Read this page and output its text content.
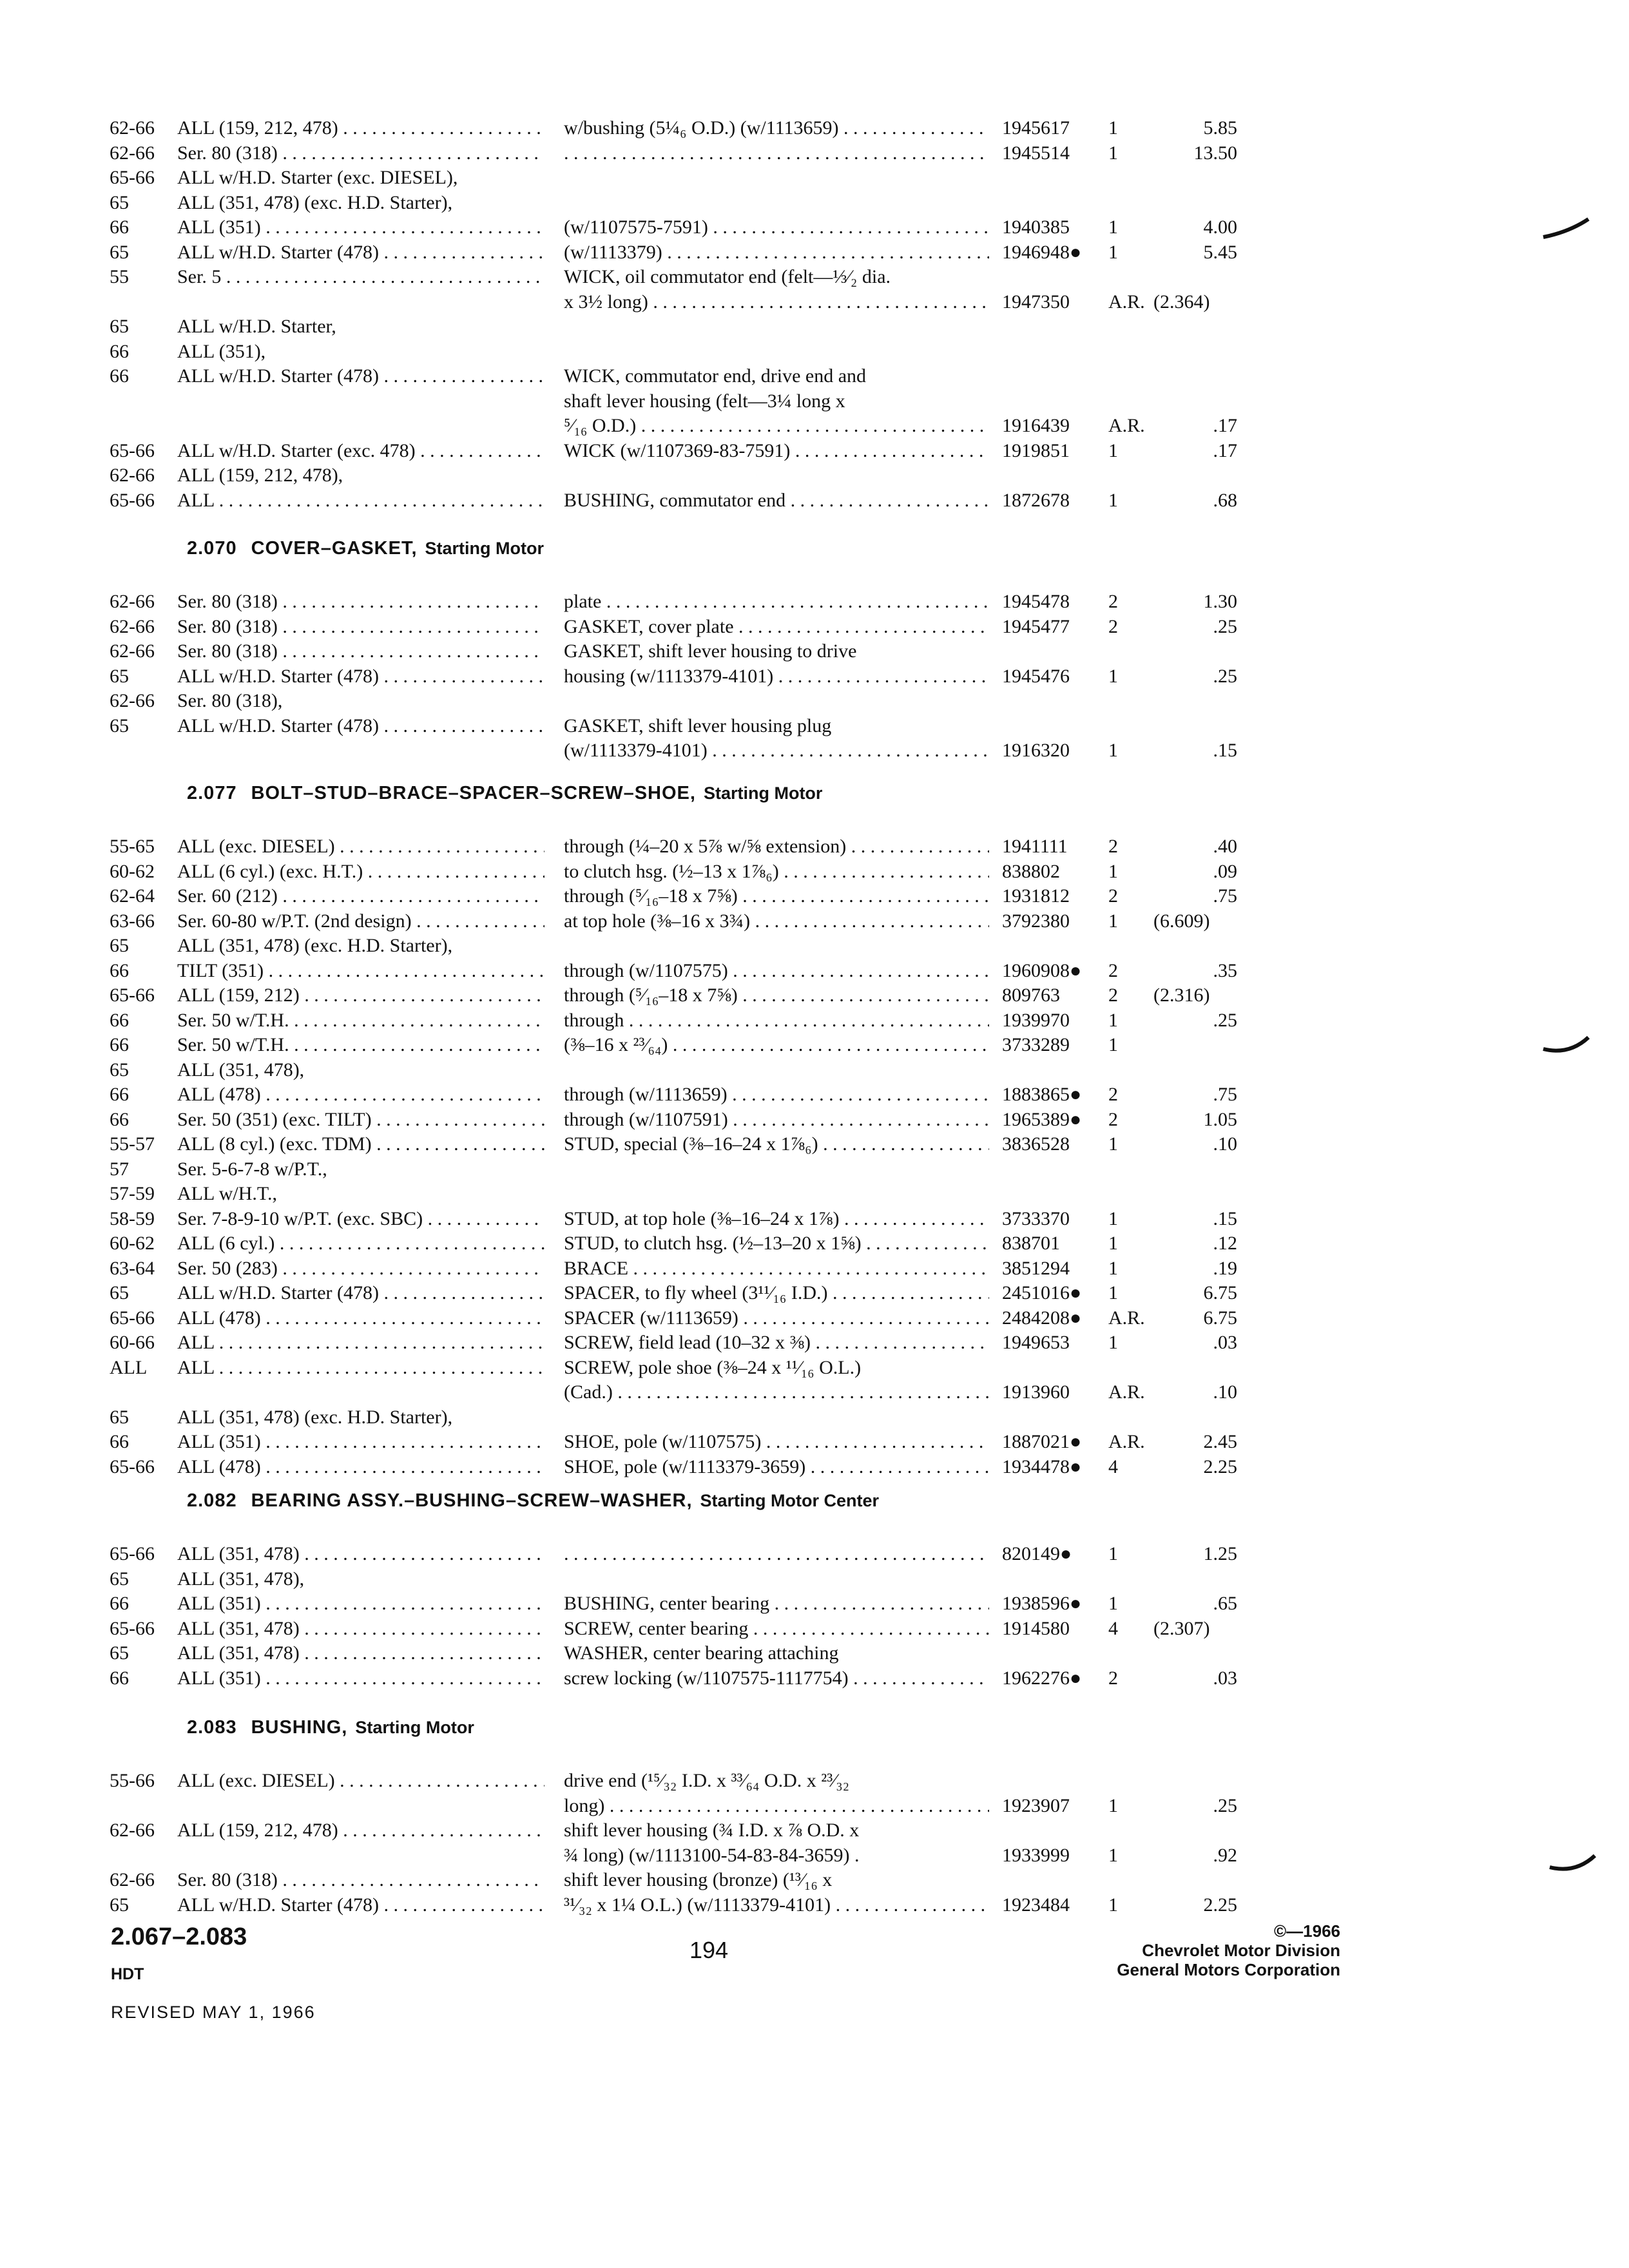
62-66	ALL (159, 212, 478) . . .	w/bushing (5¼₆ O.D.) (w/1113659) . . .	1945617	1	5.85
62-66	Ser. 80 (318) . . . . . .	1945514	1	13.50
65-66	ALL w/H.D. Starter (exc. DIESEL),
65	ALL (351, 478) (exc. H.D. Starter),
66	ALL (351) . . .	(w/1107575-7591) . . .	1940385	1	4.00
65	ALL w/H.D. Starter (478) . . .	(w/1113379) . . .	1946948●	1	5.45
55	Ser. 5 . . .	WICK, oil commutator end (felt—⅓⁄₂ dia.
x 3½ long) . . .	1947350	A.R. (2.364)
65	ALL w/H.D. Starter,
66	ALL (351),
66	ALL w/H.D. Starter (478) . . .	WICK, commutator end, drive end and
shaft lever housing (felt—3¼ long x
⁵⁄₁₆ O.D.) . . .	1916439	A.R.	.17
65-66	ALL w/H.D. Starter (exc. 478) . . .	WICK (w/1107369-83-7591) . . .	1919851	1	.17
62-66	ALL (159, 212, 478),
65-66	ALL . . .	BUSHING, commutator end . . .	1872678	1	.68
2.070 COVER–GASKET, Starting Motor
62-66	Ser. 80 (318) . . .	plate . . .	1945478	2	1.30
62-66	Ser. 80 (318) . . .	GASKET, cover plate . . .	1945477	2	.25
62-66	Ser. 80 (318) . . .	GASKET, shift lever housing to drive
65	ALL w/H.D. Starter (478) . . .	housing (w/1113379-4101) . . .	1945476	1	.25
62-66	Ser. 80 (318),
65	ALL w/H.D. Starter (478) . . .	GASKET, shift lever housing plug
(w/1113379-4101) . . .	1916320	1	.15
2.077 BOLT–STUD–BRACE–SPACER–SCREW–SHOE, Starting Motor
55-65	ALL (exc. DIESEL) . . .	through (¼–20 x 5⅞ w/⅝ extension) . . .	1941111	2	.40
60-62	ALL (6 cyl.) (exc. H.T.) . . .	to clutch hsg. (½–13 x 1⅞₆) . . .	838802	1	.09
62-64	Ser. 60 (212) . . .	through (⁵⁄₁₆–18 x 7⅝) . . .	1931812	2	.75
63-66	Ser. 60-80 w/P.T. (2nd design) . . .	at top hole (⅜–16 x 3¾) . . .	3792380	1	(6.609)
65	ALL (351, 478) (exc. H.D. Starter),
66	TILT (351) . . .	through (w/1107575) . . .	1960908●	2	.35
65-66	ALL (159, 212) . . .	through (⁵⁄₁₆–18 x 7⅝) . . .	809763	2	(2.316)
66	Ser. 50 w/T.H. . . .	through . . .	1939970	1	.25
66	Ser. 50 w/T.H. . . .	(⅜–16 x ²³⁄₆₄) . . .	3733289	1
65	ALL (351, 478),
66	ALL (478) . . .	through (w/1113659) . . .	1883865●	2	.75
66	Ser. 50 (351) (exc. TILT) . . .	through (w/1107591) . . .	1965389●	2	1.05
55-57	ALL (8 cyl.) (exc. TDM) . . .	STUD, special (⅜–16–24 x 1⅞₆) . . .	3836528	1	.10
57	Ser. 5-6-7-8 w/P.T.,
57-59	ALL w/H.T.,
58-59	Ser. 7-8-9-10 w/P.T. (exc. SBC) . . .	STUD, at top hole (⅜–16–24 x 1⅞) . . .	3733370	1	.15
60-62	ALL (6 cyl.) . . .	STUD, to clutch hsg. (½–13–20 x 1⅝) . . .	838701	1	.12
63-64	Ser. 50 (283) . . .	BRACE . . .	3851294	1	.19
65	ALL w/H.D. Starter (478) . . .	SPACER, to fly wheel (3¹¹⁄₁₆ I.D.) . . .	2451016●	1	6.75
65-66	ALL (478) . . .	SPACER (w/1113659) . . .	2484208●	A.R.	6.75
60-66	ALL . . .	SCREW, field lead (10–32 x ⅜) . . .	1949653	1	.03
ALL	ALL . . .	SCREW, pole shoe (⅜–24 x ¹¹⁄₁₆ O.L.)
(Cad.) . . .	1913960	A.R.	.10
65	ALL (351, 478) (exc. H.D. Starter),
66	ALL (351) . . .	SHOE, pole (w/1107575) . . .	1887021●	A.R.	2.45
65-66	ALL (478) . . .	SHOE, pole (w/1113379-3659) . . .	1934478●	4	2.25
2.082 BEARING ASSY.–BUSHING–SCREW–WASHER, Starting Motor Center
65-66	ALL (351, 478) . . . . . .	820149●	1	1.25
65	ALL (351, 478),
66	ALL (351) . . .	BUSHING, center bearing . . .	1938596●	1	.65
65-66	ALL (351, 478) . . .	SCREW, center bearing . . .	1914580	4	(2.307)
65	ALL (351, 478) . . .	WASHER, center bearing attaching
66	ALL (351) . . .	screw locking (w/1107575-1117754) . . .	1962276●	2	.03
2.083 BUSHING, Starting Motor
55-66	ALL (exc. DIESEL) . . .	drive end (¹⁵⁄₃₂ I.D. x ³³⁄₆₄ O.D. x ²³⁄₃₂
long) . . .	1923907	1	.25
62-66	ALL (159, 212, 478) . . .	shift lever housing (¾ I.D. x ⅞ O.D. x
¾ long) (w/1113100-54-83-84-3659) .	1933999	1	.92
62-66	Ser. 80 (318) . . .	shift lever housing (bronze) (¹³⁄₁₆ x
65	ALL w/H.D. Starter (478) . . .	³¹⁄₃₂ x 1¼ O.L.) (w/1113379-4101) . . .	1923484	1	2.25
2.067–2.083
HDT
REVISED MAY 1, 1966
194
©—1966
Chevrolet Motor Division
General Motors Corporation
